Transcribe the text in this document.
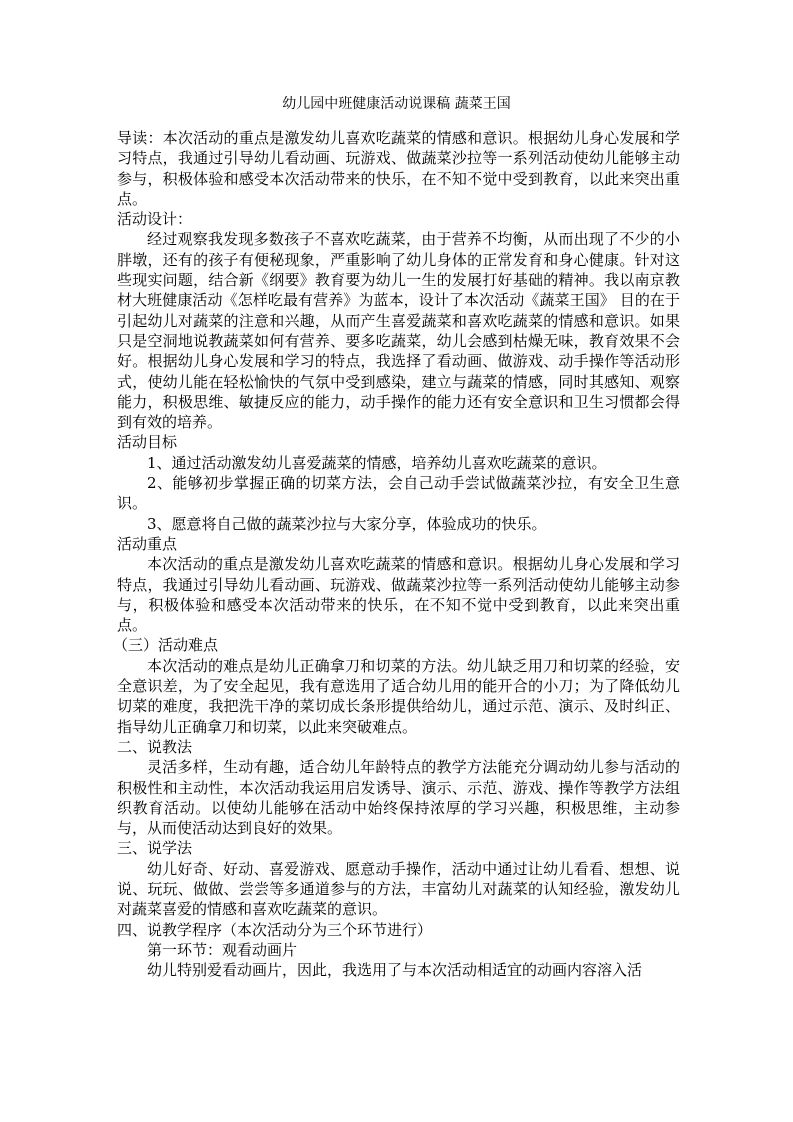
幼儿园中班健康活动说课稿 蔬菜王国

导读：本次活动的重点是激发幼儿喜欢吃蔬菜的情感和意识。根据幼儿身心发展和学习特点，我通过引导幼儿看动画、玩游戏、做蔬菜沙拉等一系列活动使幼儿能够主动参与，积极体验和感受本次活动带来的快乐，在不知不觉中受到教育，以此来突出重点。

活动设计：

经过观察我发现多数孩子不喜欢吃蔬菜，由于营养不均衡，从而出现了不少的小胖墩，还有的孩子有便秘现象，严重影响了幼儿身体的正常发育和身心健康。针对这些现实问题，结合新《纲要》教育要为幼儿一生的发展打好基础的精神。我以南京教材大班健康活动《怎样吃最有营养》为蓝本，设计了本次活动《蔬菜王国》 目的在于引起幼儿对蔬菜的注意和兴趣，从而产生喜爱蔬菜和喜欢吃蔬菜的情感和意识。如果只是空洞地说教蔬菜如何有营养、要多吃蔬菜，幼儿会感到枯燥无味，教育效果不会好。根据幼儿身心发展和学习的特点，我选择了看动画、做游戏、动手操作等活动形式，使幼儿能在轻松愉快的气氛中受到感染，建立与蔬菜的情感，同时其感知、观察能力，积极思维、敏捷反应的能力，动手操作的能力还有安全意识和卫生习惯都会得到有效的培养。

活动目标

1、通过活动激发幼儿喜爱蔬菜的情感，培养幼儿喜欢吃蔬菜的意识。

2、能够初步掌握正确的切菜方法，会自己动手尝试做蔬菜沙拉，有安全卫生意识。

3、愿意将自己做的蔬菜沙拉与大家分享，体验成功的快乐。

活动重点

本次活动的重点是激发幼儿喜欢吃蔬菜的情感和意识。根据幼儿身心发展和学习特点，我通过引导幼儿看动画、玩游戏、做蔬菜沙拉等一系列活动使幼儿能够主动参与，积极体验和感受本次活动带来的快乐，在不知不觉中受到教育，以此来突出重点。

（三）活动难点

本次活动的难点是幼儿正确拿刀和切菜的方法。幼儿缺乏用刀和切菜的经验，安全意识差，为了安全起见，我有意选用了适合幼儿用的能开合的小刀；为了降低幼儿切菜的难度，我把洗干净的菜切成长条形提供给幼儿，通过示范、演示、及时纠正、指导幼儿正确拿刀和切菜，以此来突破难点。

二、说教法

灵活多样，生动有趣，适合幼儿年龄特点的教学方法能充分调动幼儿参与活动的积极性和主动性，本次活动我运用启发诱导、演示、示范、游戏、操作等教学方法组织教育活动。以使幼儿能够在活动中始终保持浓厚的学习兴趣，积极思维，主动参与，从而使活动达到良好的效果。

三、说学法

幼儿好奇、好动、喜爱游戏、愿意动手操作，活动中通过让幼儿看看、想想、说说、玩玩、做做、尝尝等多通道参与的方法，丰富幼儿对蔬菜的认知经验，激发幼儿对蔬菜喜爱的情感和喜欢吃蔬菜的意识。

四、说教学程序（本次活动分为三个环节进行）

第一环节：观看动画片

幼儿特别爱看动画片，因此，我选用了与本次活动相适宜的动画内容溶入活
